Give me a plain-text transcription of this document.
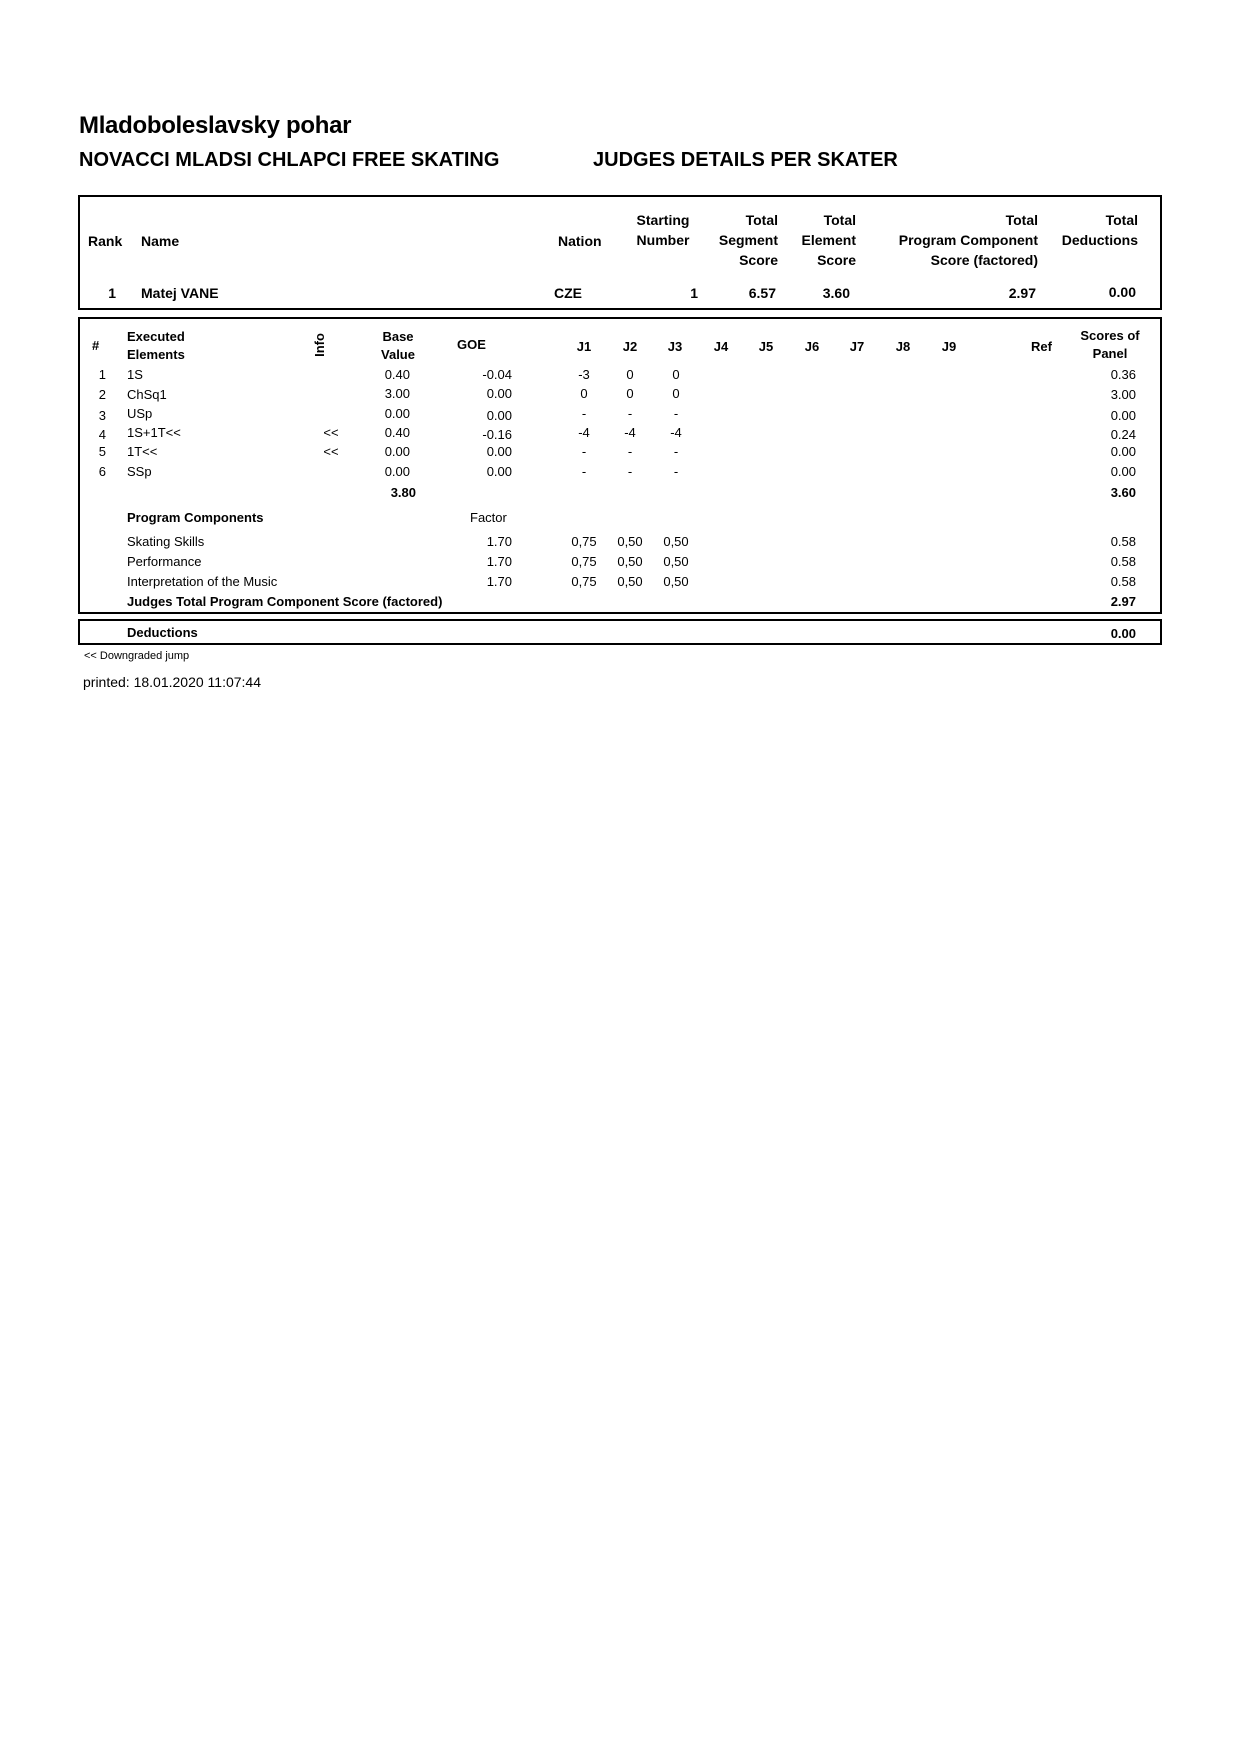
Mladoboleslavsky pohar
NOVACCI MLADSI CHLAPCI FREE SKATING	JUDGES DETAILS PER SKATER
Rank Name	Nation
Starting
Number
Total
Segment
Score
Total
Element
Score
Total
Program Component
Score (factored)
Total
Deductions
1 Matej VANE	CZE	1	6.57	3.60	2.97	0.00
#
Executed
Elements	Info	Base
Value
GOE	J1	J2	J3	J4	J5	J6	J7	J8	J9	Ref
Scores of
Panel
1 1S	0.40	-0.04	-3	0	0	0.36
2 ChSq1	3.00	0.00	0	0	0	3.00
3 USp	0.00	0.00	-	-	-	0.00
4 1S+1T<<	<<	0.40	-0.16	-4	-4	-4	0.24
5 1T<<	<<	0.00	0.00	-	-	-	0.00
6 SSp	0.00	0.00	-	-	-	0.00
3.80	3.60
Program Components	Factor
Skating Skills	1.70	0,75	0,50	0,50	0.58
Performance	1.70	0,75	0,50	0,50	0.58
Interpretation of the Music	1.70	0,75	0,50	0,50	0.58
Judges Total Program Component Score (factored)	2.97
Deductions	0.00
<< Downgraded jump
printed: 18.01.2020 11:07:44
